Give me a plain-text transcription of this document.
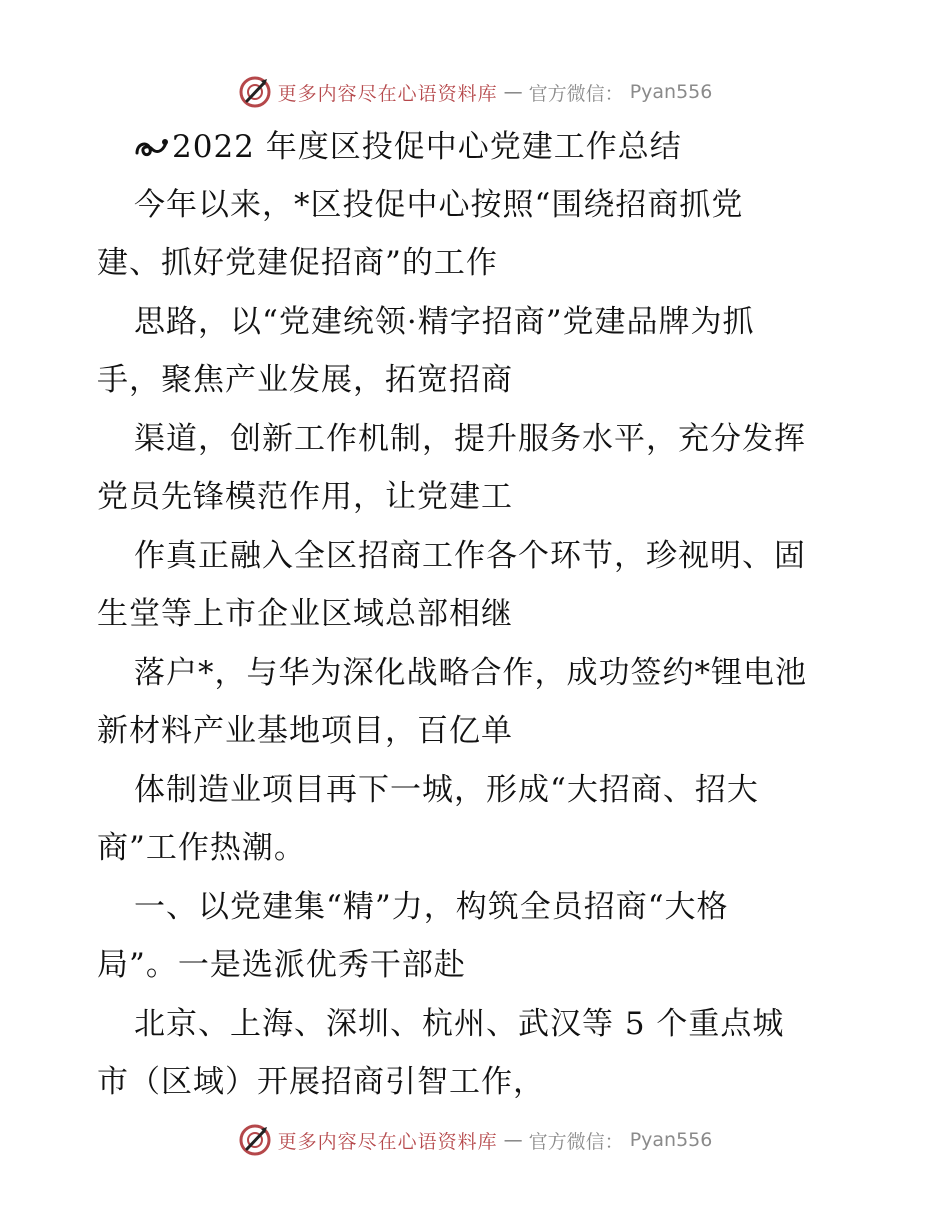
更多内容尽在心语资料库 — 官方微信： Pyan556
2022 年度区投促中心党建工作总结
今年以来，*区投促中心按照“围绕招商抓党
建、抓好党建促招商”的工作
思路，以“党建统领·精字招商”党建品牌为抓
手，聚焦产业发展，拓宽招商
渠道，创新工作机制，提升服务水平，充分发挥
党员先锋模范作用，让党建工
作真正融入全区招商工作各个环节，珍视明、固
生堂等上市企业区域总部相继
落户*，与华为深化战略合作，成功签约*锂电池
新材料产业基地项目，百亿单
体制造业项目再下一城，形成“大招商、招大
商”工作热潮。
一、以党建集“精”力，构筑全员招商“大格
局”。一是选派优秀干部赴
北京、上海、深圳、杭州、武汉等 5 个重点城
市（区域）开展招商引智工作，
更多内容尽在心语资料库 — 官方微信： Pyan556
